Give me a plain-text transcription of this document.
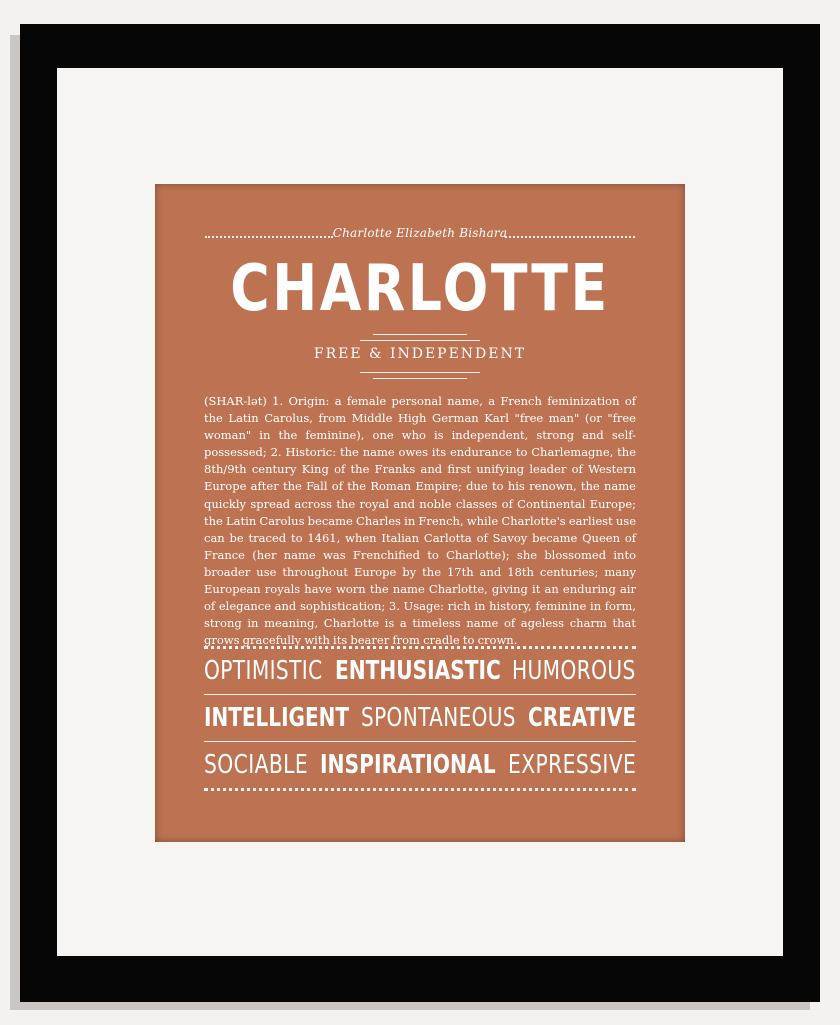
Charlotte Elizabeth Bishara
CHARLOTTE
FREE & INDEPENDENT
(SHAR-lət) 1. Origin: a female personal name, a French feminization of the Latin Carolus, from Middle High German Karl "free man" (or "free woman" in the feminine), one who is independent, strong and self-possessed; 2. Historic: the name owes its endurance to Charlemagne, the 8th/9th century King of the Franks and first unifying leader of Western Europe after the Fall of the Roman Empire; due to his renown, the name quickly spread across the royal and noble classes of Continental Europe; the Latin Carolus became Charles in French, while Charlotte's earliest use can be traced to 1461, when Italian Carlotta of Savoy became Queen of France (her name was Frenchified to Charlotte); she blossomed into broader use throughout Europe by the 17th and 18th centuries; many European royals have worn the name Charlotte, giving it an enduring air of elegance and sophistication; 3. Usage: rich in history, feminine in form, strong in meaning, Charlotte is a timeless name of ageless charm that grows gracefully with its bearer from cradle to crown.
OPTIMISTIC ENTHUSIASTIC HUMOROUS
INTELLIGENT SPONTANEOUS CREATIVE
SOCIABLE INSPIRATIONAL EXPRESSIVE
